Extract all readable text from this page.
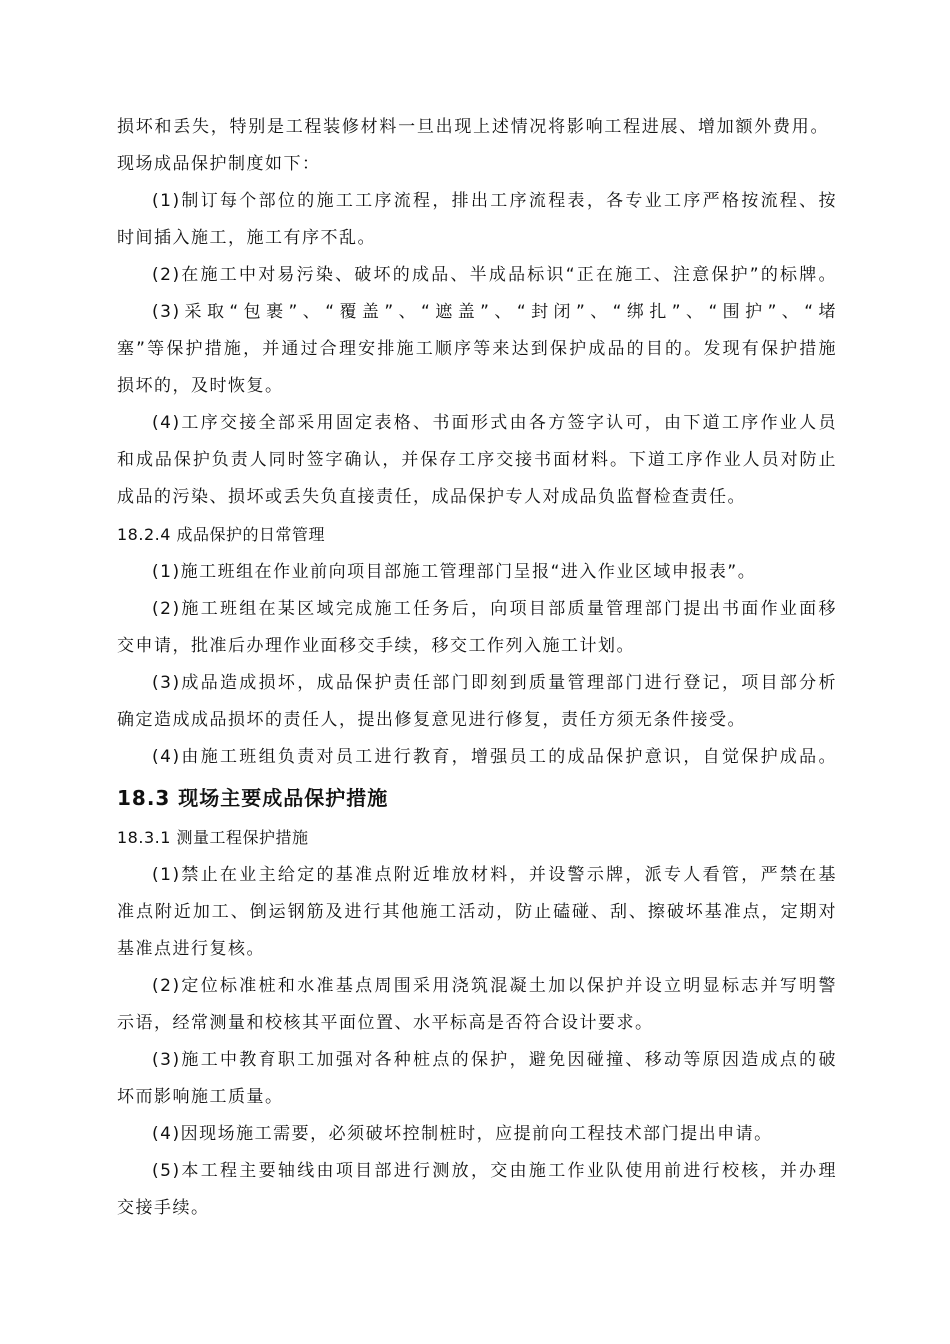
损坏和丢失，特别是工程装修材料一旦出现上述情况将影响工程进展、增加额外费用。
现场成品保护制度如下：
(1)制订每个部位的施工工序流程，排出工序流程表，各专业工序严格按流程、按
时间插入施工，施工有序不乱。
(2)在施工中对易污染、破坏的成品、半成品标识“正在施工、注意保护”的标牌。
(3)采取“包裹”、“覆盖”、“遮盖”、“封闭”、“绑扎”、“围护”、“堵
塞”等保护措施，并通过合理安排施工顺序等来达到保护成品的目的。发现有保护措施
损坏的，及时恢复。
(4)工序交接全部采用固定表格、书面形式由各方签字认可，由下道工序作业人员
和成品保护负责人同时签字确认，并保存工序交接书面材料。下道工序作业人员对防止
成品的污染、损坏或丢失负直接责任，成品保护专人对成品负监督检查责任。
18.2.4 成品保护的日常管理
(1)施工班组在作业前向项目部施工管理部门呈报“进入作业区域申报表”。
(2)施工班组在某区域完成施工任务后，向项目部质量管理部门提出书面作业面移
交申请，批准后办理作业面移交手续，移交工作列入施工计划。
(3)成品造成损坏，成品保护责任部门即刻到质量管理部门进行登记，项目部分析
确定造成成品损坏的责任人，提出修复意见进行修复，责任方须无条件接受。
(4)由施工班组负责对员工进行教育，增强员工的成品保护意识，自觉保护成品。
18.3 现场主要成品保护措施
18.3.1 测量工程保护措施
(1)禁止在业主给定的基准点附近堆放材料，并设警示牌，派专人看管，严禁在基
准点附近加工、倒运钢筋及进行其他施工活动，防止磕碰、刮、擦破坏基准点，定期对
基准点进行复核。
(2)定位标准桩和水准基点周围采用浇筑混凝土加以保护并设立明显标志并写明警
示语，经常测量和校核其平面位置、水平标高是否符合设计要求。
(3)施工中教育职工加强对各种桩点的保护，避免因碰撞、移动等原因造成点的破
坏而影响施工质量。
(4)因现场施工需要，必须破坏控制桩时，应提前向工程技术部门提出申请。
(5)本工程主要轴线由项目部进行测放，交由施工作业队使用前进行校核，并办理
交接手续。
